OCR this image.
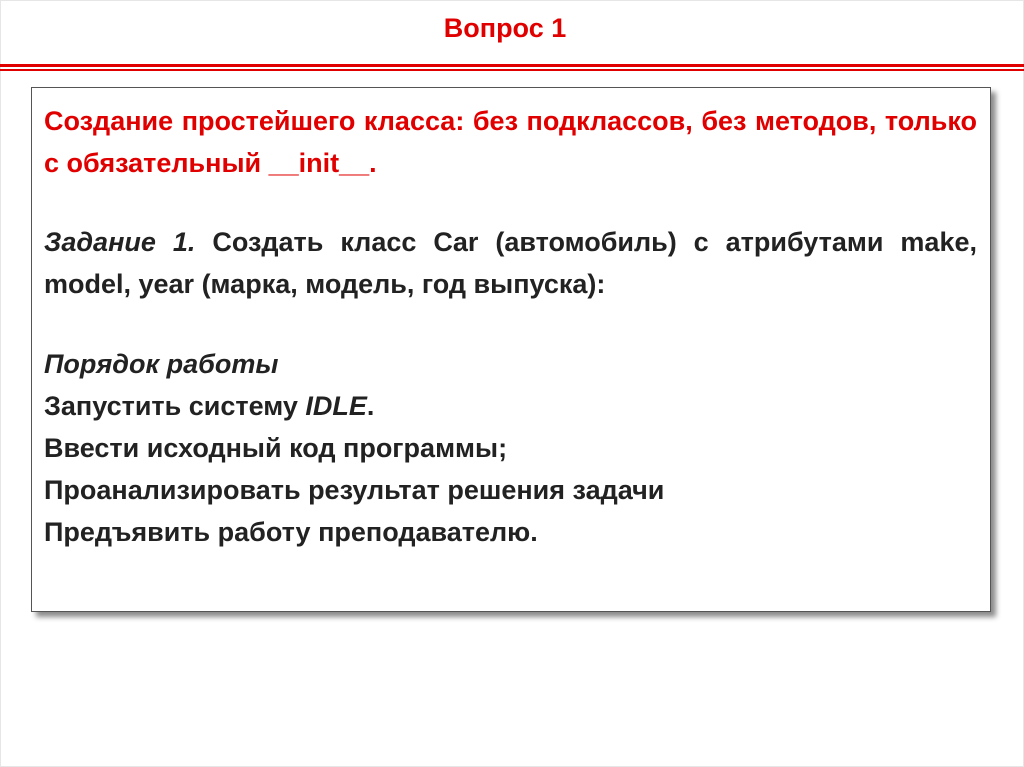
Вопрос 1

Создание простейшего класса: без подклассов, без методов, только с обязательный __init__.

Задание 1. Создать класс Car (автомобиль) с атрибутами make, model, year (марка, модель, год выпуска):

Порядок работы

Запустить систему IDLE.

Ввести исходный код программы;

Проанализировать результат решения задачи

Предъявить работу преподавателю.
